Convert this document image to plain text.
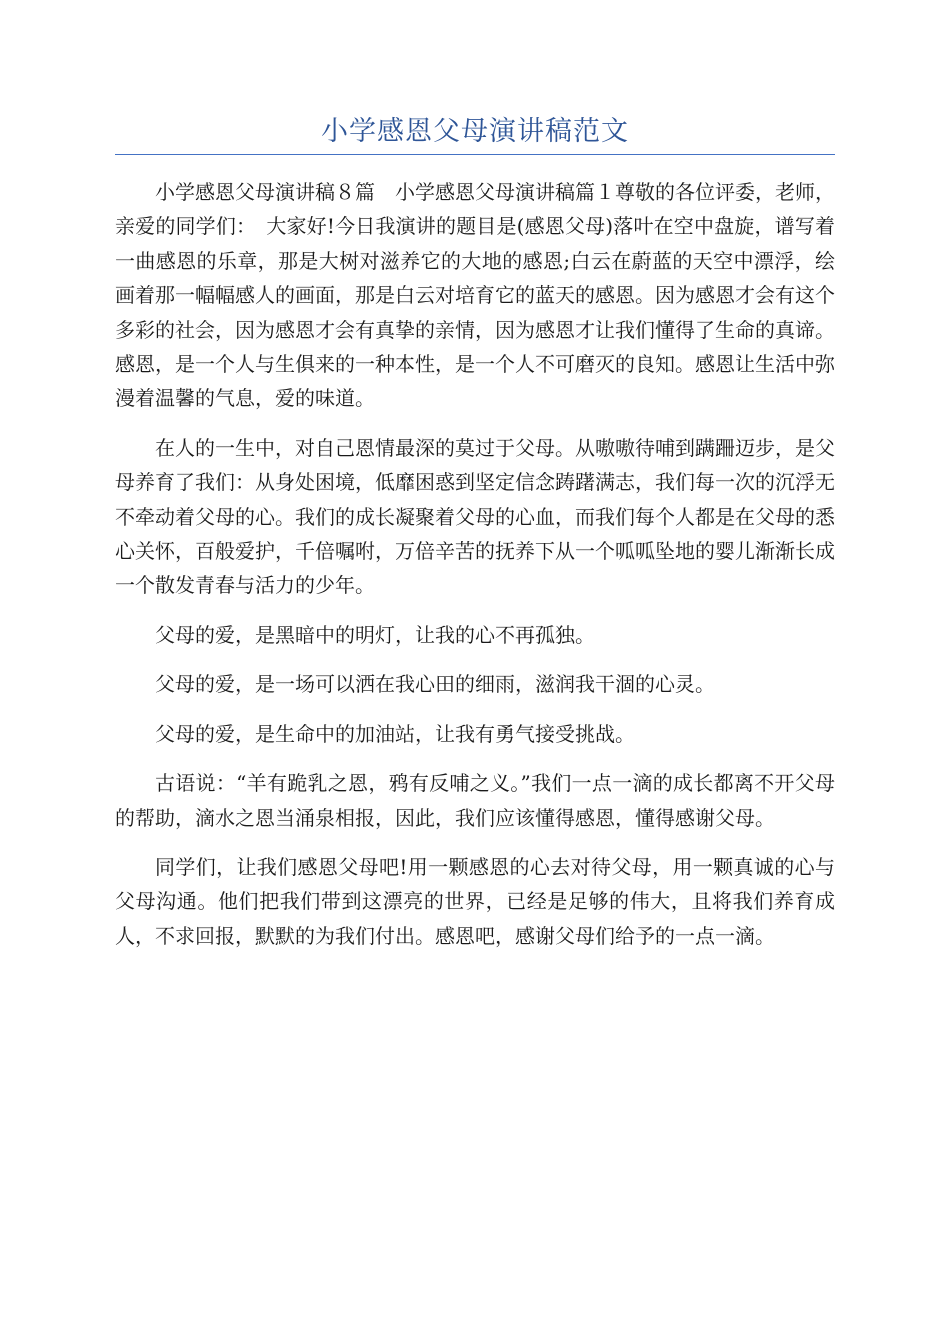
小学感恩父母演讲稿范文

小学感恩父母演讲稿８篇　小学感恩父母演讲稿篇１尊敬的各位评委，老师，亲爱的同学们：　大家好!今日我演讲的题目是(感恩父母)落叶在空中盘旋，谱写着一曲感恩的乐章，那是大树对滋养它的大地的感恩;白云在蔚蓝的天空中漂浮，绘画着那一幅幅感人的画面，那是白云对培育它的蓝天的感恩。因为感恩才会有这个多彩的社会，因为感恩才会有真挚的亲情，因为感恩才让我们懂得了生命的真谛。感恩，是一个人与生俱来的一种本性，是一个人不可磨灭的良知。感恩让生活中弥漫着温馨的气息，爱的味道。

在人的一生中，对自己恩情最深的莫过于父母。从嗷嗷待哺到蹒跚迈步，是父母养育了我们：从身处困境，低靡困惑到坚定信念踌躇满志，我们每一次的沉浮无不牵动着父母的心。我们的成长凝聚着父母的心血，而我们每个人都是在父母的悉心关怀，百般爱护，千倍嘱咐，万倍辛苦的抚养下从一个呱呱坠地的婴儿渐渐长成一个散发青春与活力的少年。

父母的爱，是黑暗中的明灯，让我的心不再孤独。

父母的爱，是一场可以洒在我心田的细雨，滋润我干涸的心灵。

父母的爱，是生命中的加油站，让我有勇气接受挑战。

古语说：“羊有跪乳之恩，鸦有反哺之义。”我们一点一滴的成长都离不开父母的帮助，滴水之恩当涌泉相报，因此，我们应该懂得感恩，懂得感谢父母。

同学们，让我们感恩父母吧!用一颗感恩的心去对待父母，用一颗真诚的心与父母沟通。他们把我们带到这漂亮的世界，已经是足够的伟大，且将我们养育成人，不求回报，默默的为我们付出。感恩吧，感谢父母们给予的一点一滴。
